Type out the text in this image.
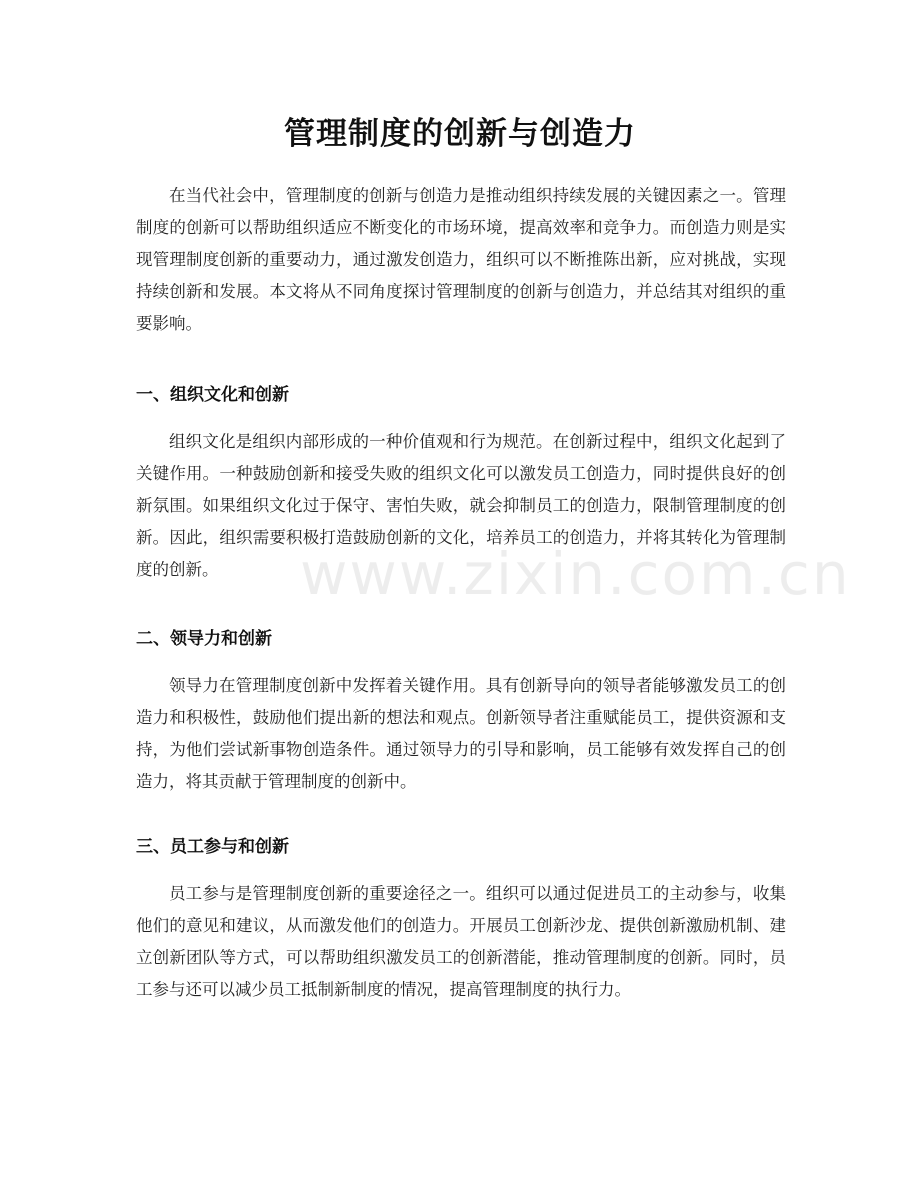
管理制度的创新与创造力

在当代社会中，管理制度的创新与创造力是推动组织持续发展的关键因素之一。管理制度的创新可以帮助组织适应不断变化的市场环境，提高效率和竞争力。而创造力则是实现管理制度创新的重要动力，通过激发创造力，组织可以不断推陈出新，应对挑战，实现持续创新和发展。本文将从不同角度探讨管理制度的创新与创造力，并总结其对组织的重要影响。

一、组织文化和创新

组织文化是组织内部形成的一种价值观和行为规范。在创新过程中，组织文化起到了关键作用。一种鼓励创新和接受失败的组织文化可以激发员工创造力，同时提供良好的创新氛围。如果组织文化过于保守、害怕失败，就会抑制员工的创造力，限制管理制度的创新。因此，组织需要积极打造鼓励创新的文化，培养员工的创造力，并将其转化为管理制度的创新。

二、领导力和创新

领导力在管理制度创新中发挥着关键作用。具有创新导向的领导者能够激发员工的创造力和积极性，鼓励他们提出新的想法和观点。创新领导者注重赋能员工，提供资源和支持，为他们尝试新事物创造条件。通过领导力的引导和影响，员工能够有效发挥自己的创造力，将其贡献于管理制度的创新中。

三、员工参与和创新

员工参与是管理制度创新的重要途径之一。组织可以通过促进员工的主动参与，收集他们的意见和建议，从而激发他们的创造力。开展员工创新沙龙、提供创新激励机制、建立创新团队等方式，可以帮助组织激发员工的创新潜能，推动管理制度的创新。同时，员工参与还可以减少员工抵制新制度的情况，提高管理制度的执行力。

www.zixin.com.cn
